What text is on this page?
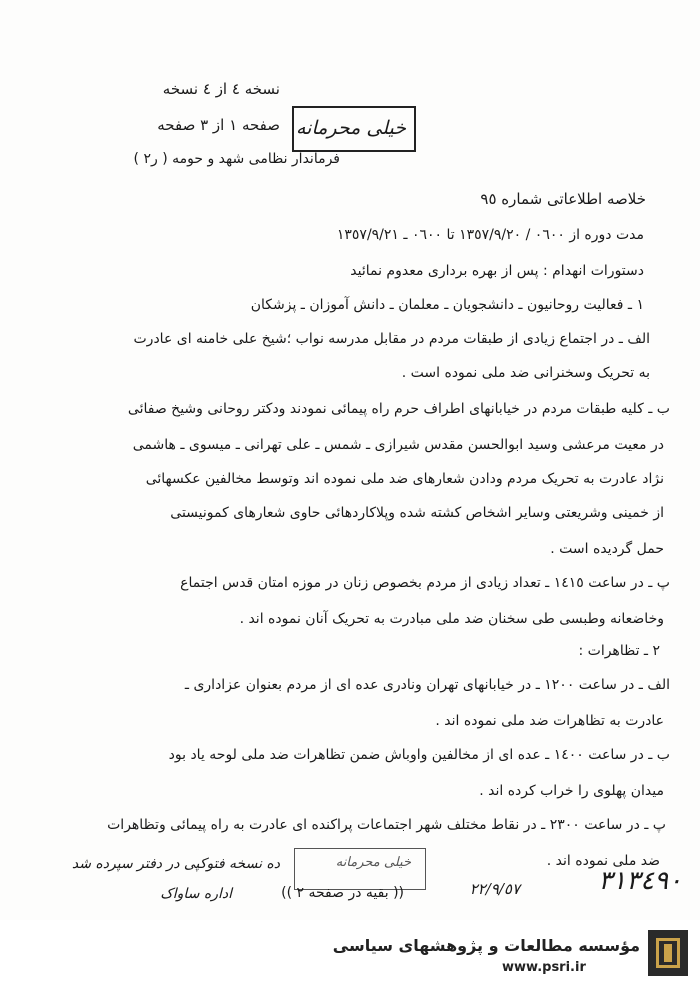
نسخه ٤ از ٤ نسخه
صفحه ١ از ٣ صفحه
فرماندار نظامی شهد و حومه ( ر٢ )
خیلی محرمانه
خلاصه اطلاعاتی شماره ٩٥
مدت دوره از ٠٦٠٠ / ١٣٥٧/٩/٢٠ تا ٠٦٠٠ ـ ١٣٥٧/٩/٢١
دستورات انهدام : پس از بهره برداری معدوم نمائید
١ ـ فعالیت روحانیون ـ دانشجویان ـ معلمان ـ دانش آموزان ـ پزشکان
الف ـ در اجتماع زیادی از طبقات مردم در مقابل مدرسه نواب ؛شیخ علی خامنه ای عادرت
به تحریک وسخنرانی ضد ملی نموده است .
ب ـ کلیه طبقات مردم در خیابانهای اطراف حرم راه پیمائی نمودند ودکتر روحانی وشیخ صفائی
در معیت مرعشی وسید ابوالحسن مقدس شیرازی ـ شمس ـ علی تهرانی ـ میسوی ـ هاشمی
نژاد عادرت به تحریک مردم ودادن شعارهای ضد ملی نموده اند وتوسط مخالفین عکسهائی
از خمینی وشریعتی وسایر اشخاص کشته شده وپلاکاردهائی حاوی شعارهای کمونیستی
حمل گردیده است .
پ ـ در ساعت ١٤١٥ ـ تعداد زیادی از مردم بخصوص زنان در موزه امتان قدس اجتماع
وخاضعانه وطبسی طی سخنان ضد ملی مبادرت به تحریک آنان نموده اند .
٢ ـ تظاهرات :
الف ـ در ساعت ١٢٠٠ ـ در خیابانهای تهران ونادری عده ای از مردم بعنوان عزاداری ـ
عادرت به تظاهرات ضد ملی نموده اند .
ب ـ در ساعت ١٤٠٠ ـ عده ای از مخالفین واوباش ضمن تظاهرات ضد ملی لوحه یاد بود
میدان پهلوی را خراب کرده اند .
پ ـ در ساعت ٢٣٠٠ ـ در نقاط مختلف شهر اجتماعات پراکنده ای عادرت به راه پیمائی وتظاهرات
ضد ملی نموده اند .
خیلی محرمانه
(( بقیه در صفحه ٢ ))
ده نسخه فتوکپی در دفتر سپرده شد
اداره ساواک	٣١٣٤٩٠
٢٢/٩/٥٧
مؤسسه مطالعات و پژوهشهای سیاسی
www.psri.ir
